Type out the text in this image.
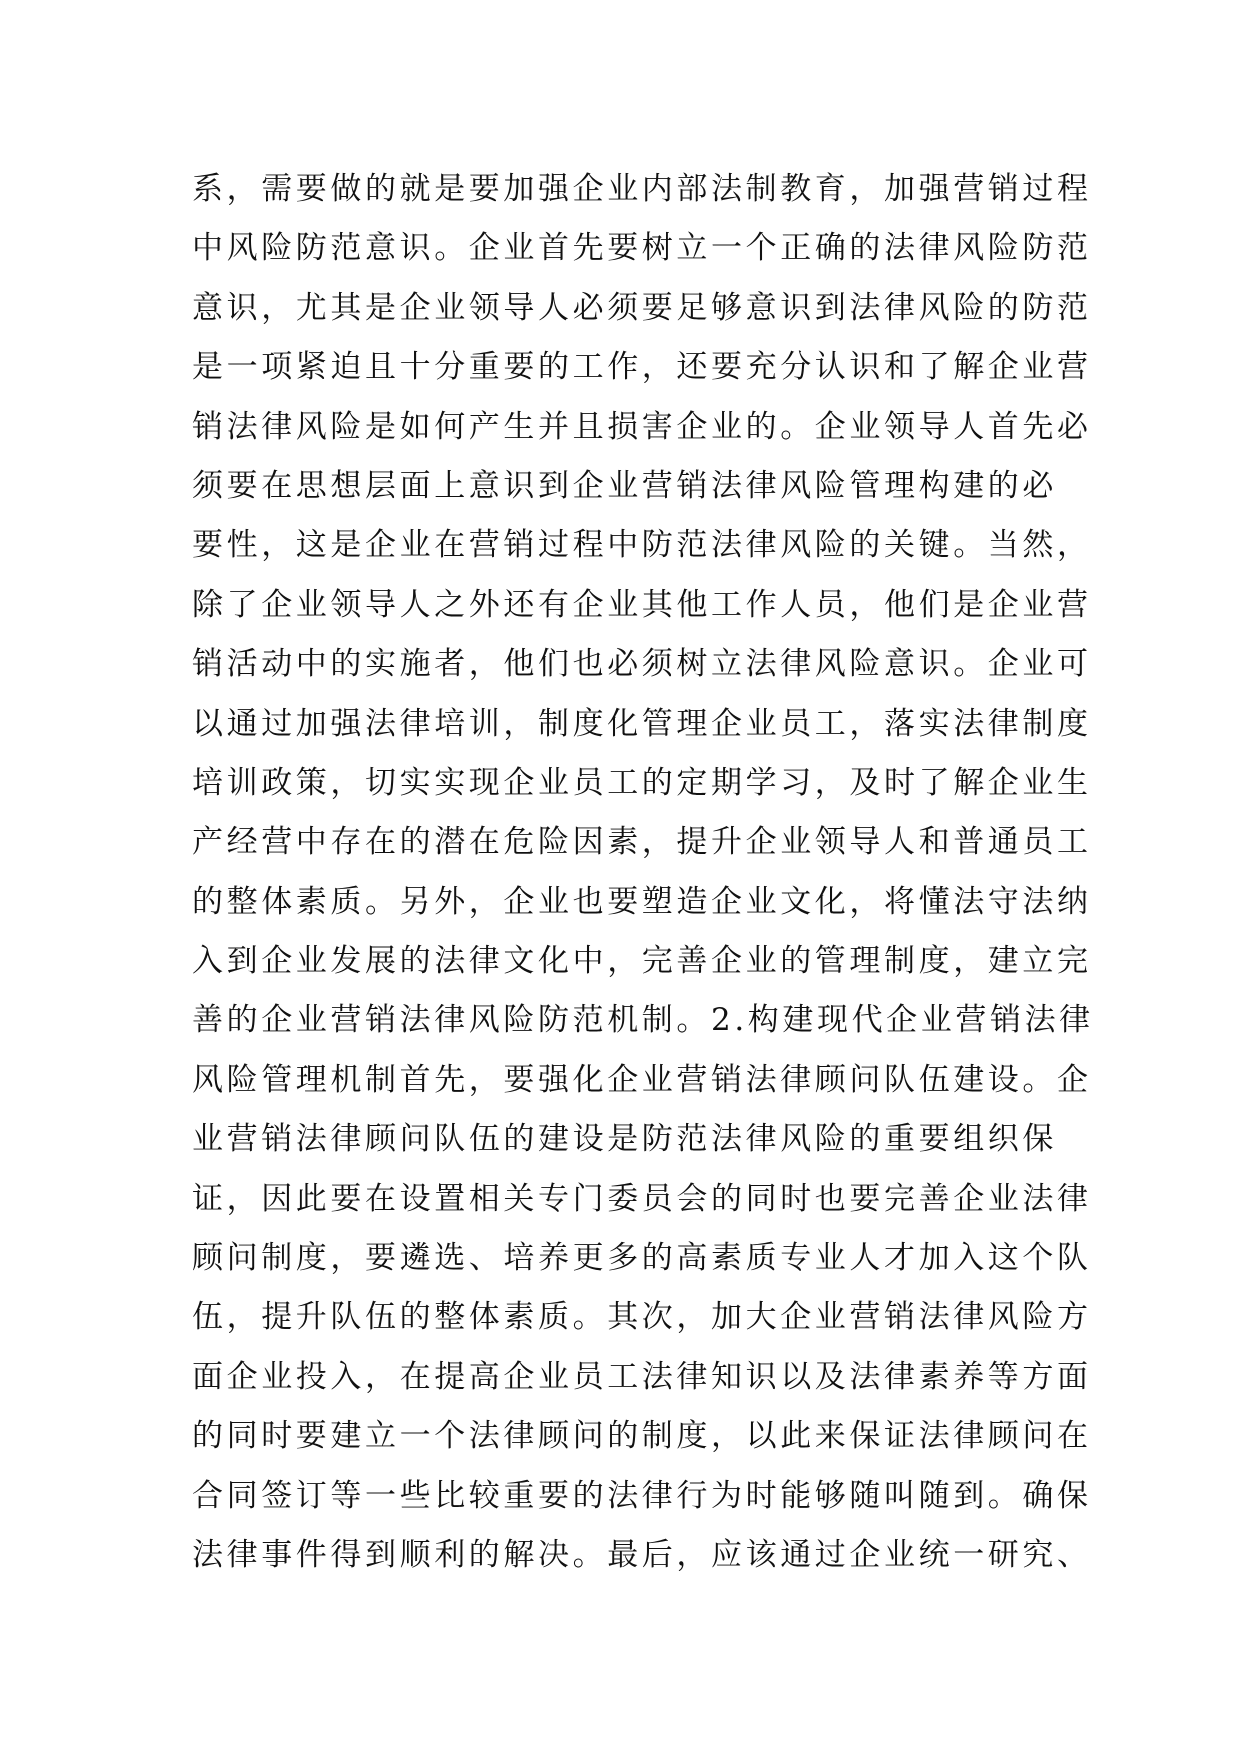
系，需要做的就是要加强企业内部法制教育，加强营销过程
中风险防范意识。企业首先要树立一个正确的法律风险防范
意识，尤其是企业领导人必须要足够意识到法律风险的防范
是一项紧迫且十分重要的工作，还要充分认识和了解企业营
销法律风险是如何产生并且损害企业的。企业领导人首先必
须要在思想层面上意识到企业营销法律风险管理构建的必
要性，这是企业在营销过程中防范法律风险的关键。当然，
除了企业领导人之外还有企业其他工作人员，他们是企业营
销活动中的实施者，他们也必须树立法律风险意识。企业可
以通过加强法律培训，制度化管理企业员工，落实法律制度
培训政策，切实实现企业员工的定期学习，及时了解企业生
产经营中存在的潜在危险因素，提升企业领导人和普通员工
的整体素质。另外，企业也要塑造企业文化，将懂法守法纳
入到企业发展的法律文化中，完善企业的管理制度，建立完
善的企业营销法律风险防范机制。2.构建现代企业营销法律
风险管理机制首先，要强化企业营销法律顾问队伍建设。企
业营销法律顾问队伍的建设是防范法律风险的重要组织保
证，因此要在设置相关专门委员会的同时也要完善企业法律
顾问制度，要遴选、培养更多的高素质专业人才加入这个队
伍，提升队伍的整体素质。其次，加大企业营销法律风险方
面企业投入，在提高企业员工法律知识以及法律素养等方面
的同时要建立一个法律顾问的制度，以此来保证法律顾问在
合同签订等一些比较重要的法律行为时能够随叫随到。确保
法律事件得到顺利的解决。最后，应该通过企业统一研究、
